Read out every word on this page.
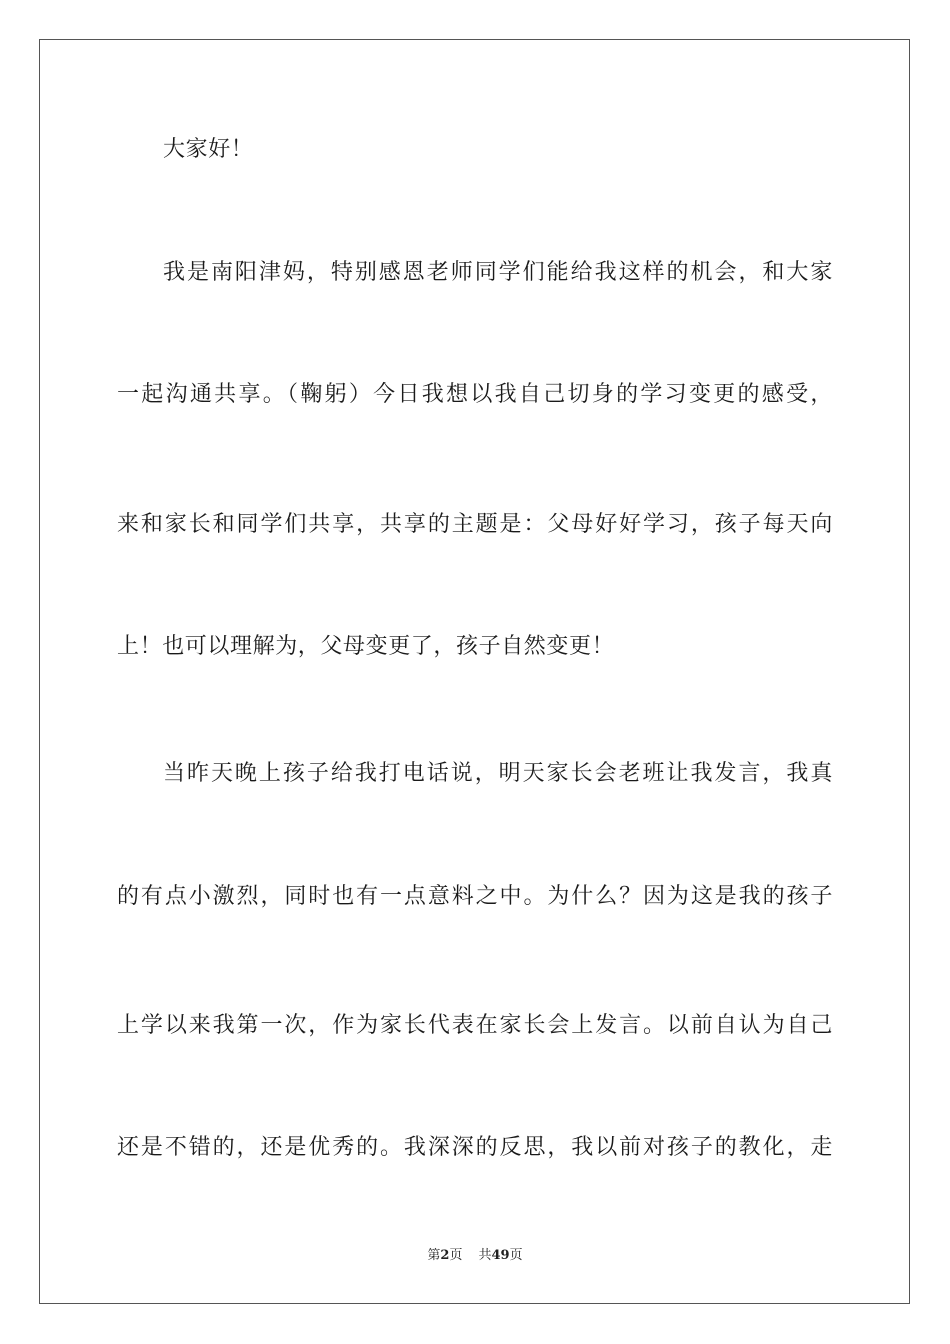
大家好！
我是南阳津妈，特别感恩老师同学们能给我这样的机会，和大家
一起沟通共享。（鞠躬）今日我想以我自己切身的学习变更的感受，
来和家长和同学们共享，共享的主题是：父母好好学习，孩子每天向
上！也可以理解为，父母变更了，孩子自然变更！
当昨天晚上孩子给我打电话说，明天家长会老班让我发言，我真
的有点小激烈，同时也有一点意料之中。为什么？因为这是我的孩子
上学以来我第一次，作为家长代表在家长会上发言。以前自认为自己
还是不错的，还是优秀的。我深深的反思，我以前对孩子的教化，走
第2页 共49页
